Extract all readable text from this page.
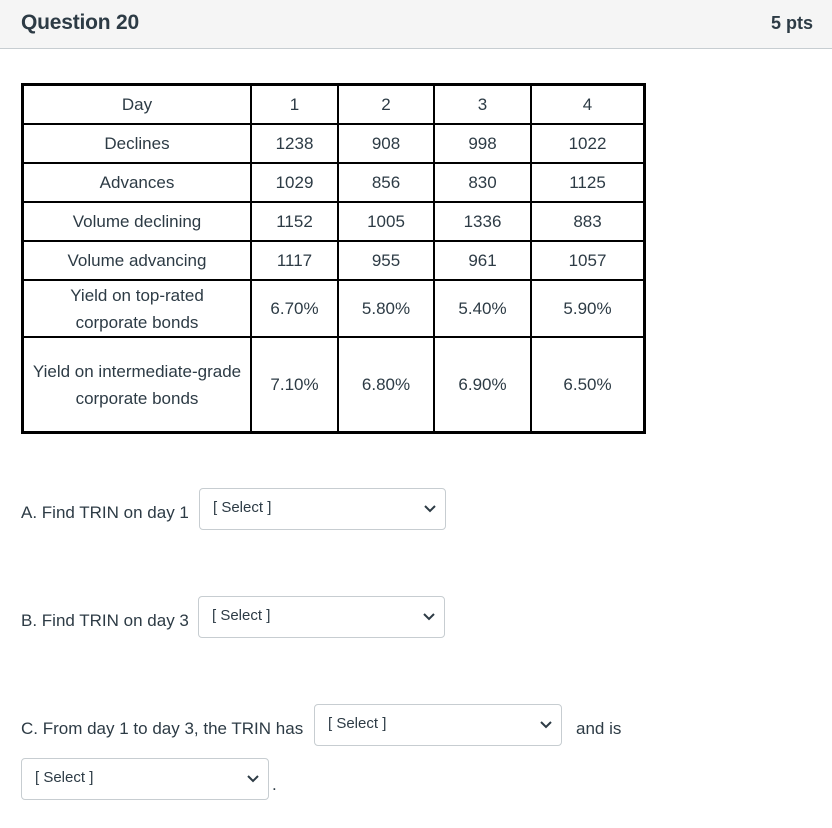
Question 20	5 pts
Day	1	2	3	4
Declines	1238	908	998	1022
Advances	1029	856	830	1125
Volume declining	1152	1005	1336	883
Volume advancing	1117	955	961	1057
Yield on top-rated
corporate bonds	6.70%	5.80%	5.40%	5.90%
Yield on intermediate-grade
corporate bonds	7.10%	6.80%	6.90%	6.50%
A. Find TRIN on day 1 [ Select ]
B. Find TRIN on day 3 [ Select ]
C. From day 1 to day 3, the TRIN has [ Select ]	and is
[ Select ]	.
